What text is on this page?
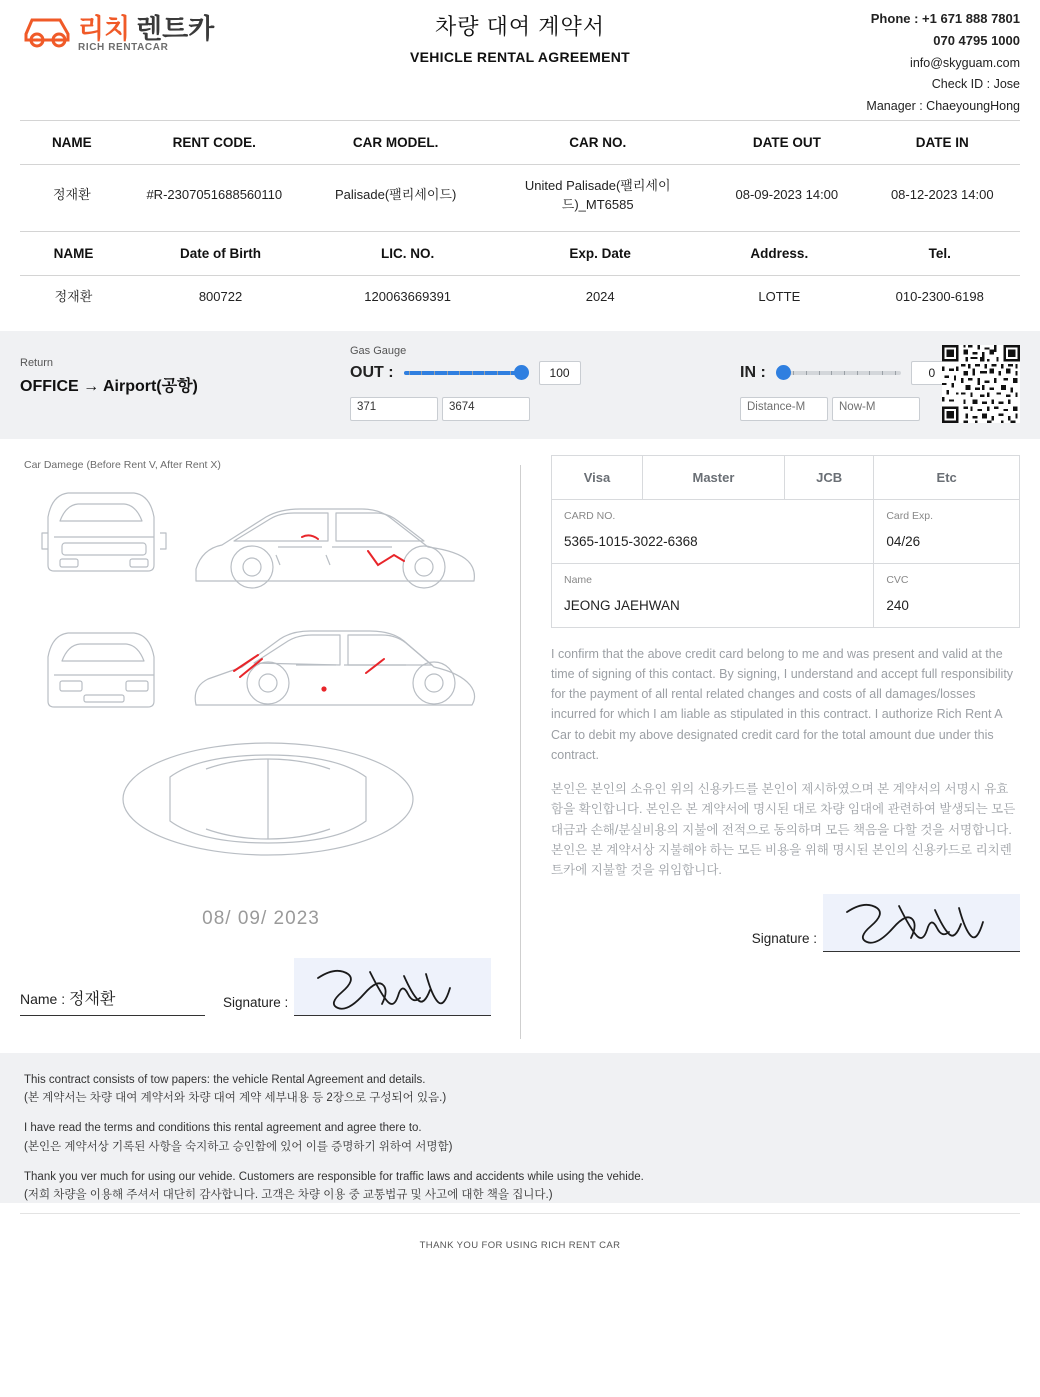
리치 렌트카
RICH RENTACAR
차량 대여 계약서
VEHICLE RENTAL AGREEMENT
Phone : +1 671 888 7801
070 4795 1000
info@skyguam.com
Check ID : Jose
Manager : ChaeyoungHong
NAME	RENT CODE.	CAR MODEL.	CAR NO.	DATE OUT	DATE IN
정재환	#R-2307051688560110	Palisade(팰리세이드)	United Palisade(팰리세이드)_MT6585	08-09-2023 14:00	08-12-2023 14:00
NAME	Date of Birth	LIC. NO.	Exp. Date	Address.	Tel.
정재환	800722	120063669391	2024	LOTTE	010-2300-6198
Return
OFFICE → Airport(공항)
Gas Gauge
OUT :	100
371	3674

IN :	0
Distance-M	Now-M
Car Damege (Before Rent V, After Rent X)
08/ 09/ 2023
Name : 정재환	Signature :
Visa	Master	JCB	Etc

CARD NO.
5365-1015-3022-6368

Card Exp.
04/26

Name
JEONG JAEHWAN

CVC
240

I confirm that the above credit card belong to me and was present and valid at the time of signing of this contact. By signing, I understand and accept full responsibility for the payment of all rental related changes and costs of all damages/losses incurred for which I am liable as stipulated in this contract. I authorize Rich Rent A Car to debit my above designated credit card for the total amount due under this contract.

본인은 본인의 소유인 위의 신용카드를 본인이 제시하였으며 본 계약서의 서명시 유효함을 확인합니다. 본인은 본 계약서에 명시된 대로 차량 임대에 관련하여 발생되는 모든 대금과 손해/분실비용의 지불에 전적으로 동의하며 모든 책음을 다할 것을 서명합니다. 본인은 본 계약서상 지불해야 하는 모든 비용을 위해 명시된 본인의 신용카드로 리치렌트카에 지불할 것을 위임합니다.

Signature :

This contract consists of tow papers: the vehicle Rental Agreement and details.
(본 계약서는 차량 대여 계약서와 차량 대여 계약 세부내용 등 2장으로 구성되어 있음.)

I have read the terms and conditions this rental agreement and agree there to.
(본인은 계약서상 기록된 사항을 숙지하고 승인함에 있어 이를 증명하기 위하여 서명함)

Thank you ver much for using our vehide. Customers are responsible for traffic laws and accidents while using the vehide.
(저희 차량을 이용해 주셔서 대단히 감사합니다. 고객은 차량 이용 중 교통법규 및 사고에 대한 책을 집니다.)

THANK YOU FOR USING RICH RENT CAR
